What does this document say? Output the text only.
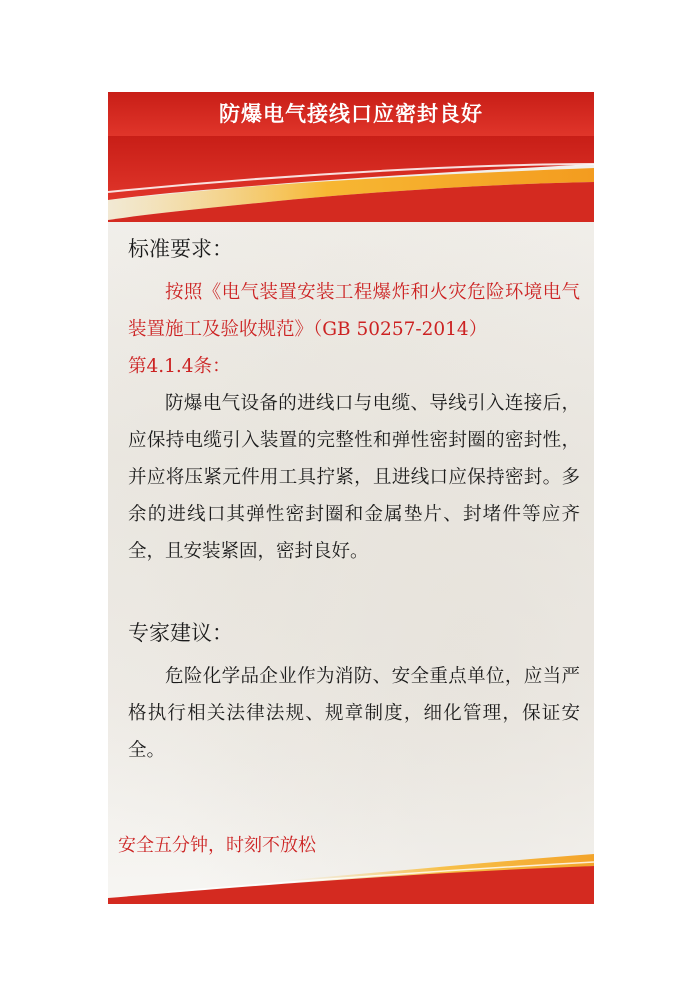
防爆电气接线口应密封良好

标准要求：

按照《电气装置安装工程爆炸和火灾危险环境电气装置施工及验收规范》（GB 50257-2014）

第4.1.4条：

防爆电气设备的进线口与电缆、导线引入连接后，应保持电缆引入装置的完整性和弹性密封圈的密封性，并应将压紧元件用工具拧紧，且进线口应保持密封。多余的进线口其弹性密封圈和金属垫片、封堵件等应齐全，且安装紧固，密封良好。

专家建议：

危险化学品企业作为消防、安全重点单位，应当严格执行相关法律法规、规章制度，细化管理，保证安全。

安全五分钟，时刻不放松
